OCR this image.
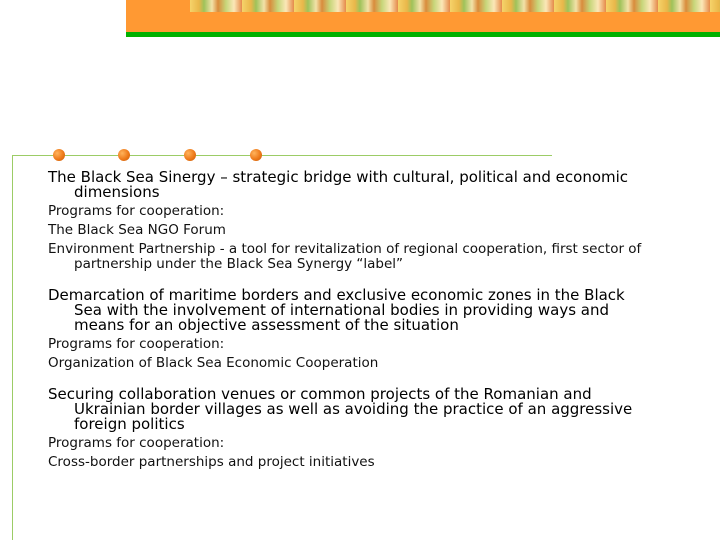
The Black Sea Sinergy – strategic bridge with cultural, political and economic dimensions

Programs for cooperation:

The Black Sea NGO Forum

Environment Partnership - a tool for revitalization of regional cooperation, first sector of partnership under the Black Sea Synergy “label”

Demarcation of maritime borders and exclusive economic zones in the Black Sea with the involvement of international bodies in providing ways and means for an objective assessment of the situation

Programs for cooperation:

Organization of Black Sea Economic Cooperation

Securing collaboration venues or common projects of the Romanian and Ukrainian border villages as well as avoiding the practice of an aggressive foreign politics

Programs for cooperation:

Cross-border partnerships and project initiatives
